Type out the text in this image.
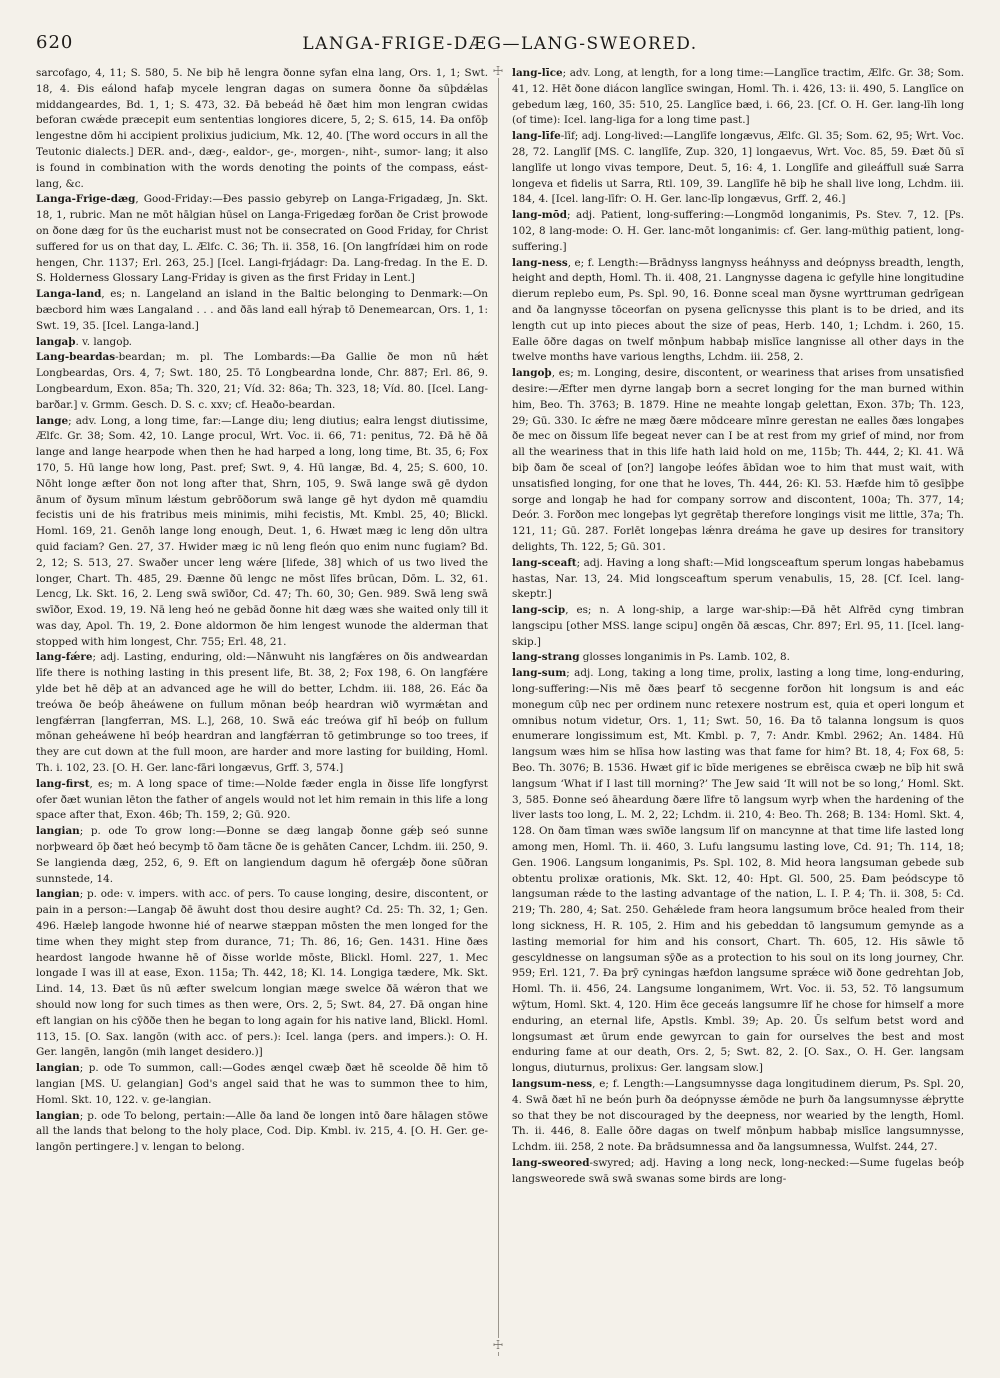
620	LANGA-FRIGE-DÆG—LANG-SWEORED.

sarcofago, 4, 11; S. 580, 5. Ne biþ hē lengra ðonne syfan elna lang, Ors. 1, 1; Swt. 18, 4. Ðis eálond hafaþ mycele lengran dagas on sumera ðonne ða sūþdǽlas middangeardes, Bd. 1, 1; S. 473, 32. Ðā bebeád hē ðæt him mon lengran cwidas beforan cwǽde præcepit eum sententias longiores dicere, 5, 2; S. 615, 14. Ða onfōþ lengestne dōm hi accipient prolixius judicium, Mk. 12, 40. [The word occurs in all the Teutonic dialects.] DER. and-, dæg-, ealdor-, ge-, morgen-, niht-, sumor- lang; it also is found in combination with the words denoting the points of the compass, eást-lang, &c.

Langa-Frige-dæg, Good-Friday:—Ðes passio gebyreþ on Langa-Frigadæg, Jn. Skt. 18, 1, rubric. Man ne mōt hālgian hūsel on Langa-Frigedæg forðan ðe Crist þrowode on ðone dæg for ūs the eucharist must not be consecrated on Good Friday, for Christ suffered for us on that day, L. Ælfc. C. 36; Th. ii. 358, 16. [On langfrídæi him on rode hengen, Chr. 1137; Erl. 263, 25.] [Icel. Langi-frjádagr: Da. Lang-fredag. In the E. D. S. Holderness Glossary Lang-Friday is given as the first Friday in Lent.]

Langa-land, es; n. Langeland an island in the Baltic belonging to Denmark:—On bæcbord him wæs Langaland . . . and ðās land eall hýraþ tō Denemearcan, Ors. 1, 1: Swt. 19, 35. [Icel. Langa-land.]

langaþ. v. langoþ.

Lang-beardas-beardan; m. pl. The Lombards:—Ða Gallie ðe mon nū hǽt Longbeardas, Ors. 4, 7; Swt. 180, 25. Tō Longbeardna londe, Chr. 887; Erl. 86, 9. Longbeardum, Exon. 85a; Th. 320, 21; Víd. 32: 86a; Th. 323, 18; Víd. 80. [Icel. Lang-barðar.] v. Grmm. Gesch. D. S. c. xxv; cf. Heaðo-beardan.

lange; adv. Long, a long time, far:—Lange diu; leng diutius; ealra lengst diutissime, Ælfc. Gr. 38; Som. 42, 10. Lange procul, Wrt. Voc. ii. 66, 71: penitus, 72. Ðā hē ðā lange and lange hearpode when then he had harped a long, long time, Bt. 35, 6; Fox 170, 5. Hū lange how long, Past. pref; Swt. 9, 4. Hū langæ, Bd. 4, 25; S. 600, 10. Nōht longe æfter ðon not long after that, Shrn, 105, 9. Swā lange swā gē dydon ānum of ðysum mīnum lǽstum gebrōðorum swā lange gē hyt dydon mē quamdiu fecistis uni de his fratribus meis minimis, mihi fecistis, Mt. Kmbl. 25, 40; Blickl. Homl. 169, 21. Genōh lange long enough, Deut. 1, 6. Hwæt mæg ic leng dōn ultra quid faciam? Gen. 27, 37. Hwider mæg ic nū leng fleón quo enim nunc fugiam? Bd. 2, 12; S. 513, 27. Swaðer uncer leng wǽre [lifede, 38] which of us two lived the longer, Chart. Th. 485, 29. Ðænne ðū lengc ne mōst līfes brūcan, Dōm. L. 32, 61. Lencg, Lk. Skt. 16, 2. Leng swā swīðor, Cd. 47; Th. 60, 30; Gen. 989. Swā leng swā swīðor, Exod. 19, 19. Nā leng heó ne gebād ðonne hit dæg wæs she waited only till it was day, Apol. Th. 19, 2. Ðone aldormon ðe him lengest wunode the alderman that stopped with him longest, Chr. 755; Erl. 48, 21.

lang-fǽre; adj. Lasting, enduring, old:—Nānwuht nis langfǽres on ðis andweardan līfe there is nothing lasting in this present life, Bt. 38, 2; Fox 198, 6. On langfǽre ylde bet hē dēþ at an advanced age he will do better, Lchdm. iii. 188, 26. Eác ða treówa ðe beóþ āheáwene on fullum mōnan beóþ heardran wið wyrmǽtan and lengfǽrran [langferran, MS. L.], 268, 10. Swā eác treówa gif hī beóþ on fullum mōnan geheáwene hī beóþ heardran and langfǽrran tō getimbrunge so too trees, if they are cut down at the full moon, are harder and more lasting for building, Homl. Th. i. 102, 23. [O. H. Ger. lanc-fāri longævus, Grff. 3, 574.]

lang-first, es; m. A long space of time:—Nolde fæder engla in ðisse līfe longfyrst ofer ðæt wunian lēton the father of angels would not let him remain in this life a long space after that, Exon. 46b; Th. 159, 2; Gū. 920.

langian; p. ode To grow long:—Ðonne se dæg langaþ ðonne gǽþ seó sunne norþweard ōþ ðæt heó becymþ tō ðam tācne ðe is gehāten Cancer, Lchdm. iii. 250, 9. Se langienda dæg, 252, 6, 9. Eft on langiendum dagum hē ofergǽþ ðone sūðran sunnstede, 14.

langian; p. ode: v. impers. with acc. of pers. To cause longing, desire, discontent, or pain in a person:—Langaþ ðē āwuht dost thou desire aught? Cd. 25: Th. 32, 1; Gen. 496. Hæleþ langode hwonne hié of nearwe stæppan mōsten the men longed for the time when they might step from durance, 71; Th. 86, 16; Gen. 1431. Hine ðæs heardost langode hwanne hē of ðisse worlde mōste, Blickl. Homl. 227, 1. Mec longade I was ill at ease, Exon. 115a; Th. 442, 18; Kl. 14. Longiga tædere, Mk. Skt. Lind. 14, 13. Ðæt ūs nū æfter swelcum longian mæge swelce ðā wǽron that we should now long for such times as then were, Ors. 2, 5; Swt. 84, 27. Ðā ongan hine eft langian on his cȳððe then he began to long again for his native land, Blickl. Homl. 113, 15. [O. Sax. langōn (with acc. of pers.): Icel. langa (pers. and impers.): O. H. Ger. langēn, langōn (mih langet desidero.)]

langian; p. ode To summon, call:—Godes ænꝗel cwæþ ðæt hē sceolde ðē him tō langian [MS. U. gelangian] God's angel said that he was to summon thee to him, Homl. Skt. 10, 122. v. ge-langian.

langian; p. ode To belong, pertain:—Alle ða land ðe longen intō ðare hālagen stōwe all the lands that belong to the holy place, Cod. Dip. Kmbl. iv. 215, 4. [O. H. Ger. ge-langōn pertingere.] v. lengan to belong.

☩
☩

lang-līce; adv. Long, at length, for a long time:—Langlīce tractim, Ælfc. Gr. 38; Som. 41, 12. Hēt ðone diácon langlīce swingan, Homl. Th. i. 426, 13: ii. 490, 5. Langlīce on gebedum læg, 160, 35: 510, 25. Langlīce bæd, i. 66, 23. [Cf. O. H. Ger. lang-līh long (of time): Icel. lang-liga for a long time past.]

lang-līfe-līf; adj. Long-lived:—Langlīfe longævus, Ælfc. Gl. 35; Som. 62, 95; Wrt. Voc. 28, 72. Langlīf [MS. C. langlīfe, Zup. 320, 1] longaevus, Wrt. Voc. 85, 59. Ðæt ðū sī langlīfe ut longo vivas tempore, Deut. 5, 16: 4, 1. Longlīfe and gileáffull suǽ Sarra longeva et fidelis ut Sarra, Rtl. 109, 39. Langlīfe hē biþ he shall live long, Lchdm. iii. 184, 4. [Icel. lang-līfr: O. H. Ger. lanc-līp longævus, Grff. 2, 46.]

lang-mōd; adj. Patient, long-suffering:—Longmōd longanimis, Ps. Stev. 7, 12. [Ps. 102, 8 lang-mode: O. H. Ger. lanc-mōt longanimis: cf. Ger. lang-müthig patient, long-suffering.]

lang-ness, e; f. Length:—Brādnyss langnyss heáhnyss and deópnyss breadth, length, height and depth, Homl. Th. ii. 408, 21. Langnysse dagena ic gefylle hine longitudine dierum replebo eum, Ps. Spl. 90, 16. Ðonne sceal man ðysne wyrttruman gedrīgean and ða langnysse tōceorfan on pysena gelīcnysse this plant is to be dried, and its length cut up into pieces about the size of peas, Herb. 140, 1; Lchdm. i. 260, 15. Ealle ōðre dagas on twelf mōnþum habbaþ mislīce langnisse all other days in the twelve months have various lengths, Lchdm. iii. 258, 2.

langoþ, es; m. Longing, desire, discontent, or weariness that arises from unsatisfied desire:—Æfter men dyrne langaþ born a secret longing for the man burned within him, Beo. Th. 3763; B. 1879. Hine ne meahte longaþ gelettan, Exon. 37b; Th. 123, 29; Gū. 330. Ic ǽfre ne mæg ðære mōdceare mīnre gerestan ne ealles ðæs longaþes ðe mec on ðissum līfe begeat never can I be at rest from my grief of mind, nor from all the weariness that in this life hath laid hold on me, 115b; Th. 444, 2; Kl. 41. Wā biþ ðam ðe sceal of [on?] langoþe leófes ābīdan woe to him that must wait, with unsatisfied longing, for one that he loves, Th. 444, 26: Kl. 53. Hæfde him tō gesīþþe sorge and longaþ he had for company sorrow and discontent, 100a; Th. 377, 14; Deór. 3. Forðon mec longeþas lyt gegrētaþ therefore longings visit me little, 37a; Th. 121, 11; Gū. 287. Forlēt longeþas lǽnra dreáma he gave up desires for transitory delights, Th. 122, 5; Gū. 301.

lang-sceaft; adj. Having a long shaft:—Mid longsceaftum sperum longas habebamus hastas, Nar. 13, 24. Mid longsceaftum sperum venabulis, 15, 28. [Cf. Icel. lang-skeptr.]

lang-scip, es; n. A long-ship, a large war-ship:—Ðā hēt Alfrēd cyng timbran langscipu [other MSS. lange scipu] ongēn ðā æscas, Chr. 897; Erl. 95, 11. [Icel. lang-skip.]

lang-strang glosses longanimis in Ps. Lamb. 102, 8.

lang-sum; adj. Long, taking a long time, prolix, lasting a long time, long-enduring, long-suffering:—Nis mē ðæs þearf tō secgenne forðon hit longsum is and eác monegum cūþ nec per ordinem nunc retexere nostrum est, quia et operi longum et omnibus notum videtur, Ors. 1, 11; Swt. 50, 16. Ða tō talanna longsum is quos enumerare longissimum est, Mt. Kmbl. p. 7, 7: Andr. Kmbl. 2962; An. 1484. Hū langsum wæs him se hlīsa how lasting was that fame for him? Bt. 18, 4; Fox 68, 5: Beo. Th. 3076; B. 1536. Hwæt gif ic bīde merigenes se ebrēisca cwæþ ne bīþ hit swā langsum ‘What if I last till morning?’ The Jew said ‘It will not be so long,’ Homl. Skt. 3, 585. Ðonne seó āheardung ðære līfre tō langsum wyrþ when the hardening of the liver lasts too long, L. M. 2, 22; Lchdm. ii. 210, 4: Beo. Th. 268; B. 134: Homl. Skt. 4, 128. On ðam tīman wæs swīðe langsum līf on mancynne at that time life lasted long among men, Homl. Th. ii. 460, 3. Lufu langsumu lasting love, Cd. 91; Th. 114, 18; Gen. 1906. Langsum longanimis, Ps. Spl. 102, 8. Mid heora langsuman gebede sub obtentu prolixæ orationis, Mk. Skt. 12, 40: Hpt. Gl. 500, 25. Ðam þeódscype tō langsuman rǽde to the lasting advantage of the nation, L. I. P. 4; Th. ii. 308, 5: Cd. 219; Th. 280, 4; Sat. 250. Gehǽlede fram heora langsumum brōce healed from their long sickness, H. R. 105, 2. Him and his gebeddan tō langsumum gemynde as a lasting memorial for him and his consort, Chart. Th. 605, 12. His sāwle tō gescyldnesse on langsuman sȳðe as a protection to his soul on its long journey, Chr. 959; Erl. 121, 7. Ða þrȳ cyningas hæfdon langsume sprǽce wið ðone gedrehtan Job, Homl. Th. ii. 456, 24. Langsume longanimem, Wrt. Voc. ii. 53, 52. Tō langsumum wȳtum, Homl. Skt. 4, 120. Him ēce geceás langsumre līf he chose for himself a more enduring, an eternal life, Apstls. Kmbl. 39; Ap. 20. Ūs selfum betst word and longsumast æt ūrum ende gewyrcan to gain for ourselves the best and most enduring fame at our death, Ors. 2, 5; Swt. 82, 2. [O. Sax., O. H. Ger. langsam longus, diuturnus, prolixus: Ger. langsam slow.]

langsum-ness, e; f. Length:—Langsumnysse daga longitudinem dierum, Ps. Spl. 20, 4. Swā ðæt hī ne beón þurh ða deópnysse ǽmōde ne þurh ða langsumnysse ǽþrytte so that they be not discouraged by the deepness, nor wearied by the length, Homl. Th. ii. 446, 8. Ealle ōðre dagas on twelf mōnþum habbaþ mislīce langsumnysse, Lchdm. iii. 258, 2 note. Ða brādsumnessa and ða langsumnessa, Wulfst. 244, 27.

lang-sweored-swyred; adj. Having a long neck, long-necked:—Sume fugelas beóþ langsweorede swā swā swanas some birds are long-
